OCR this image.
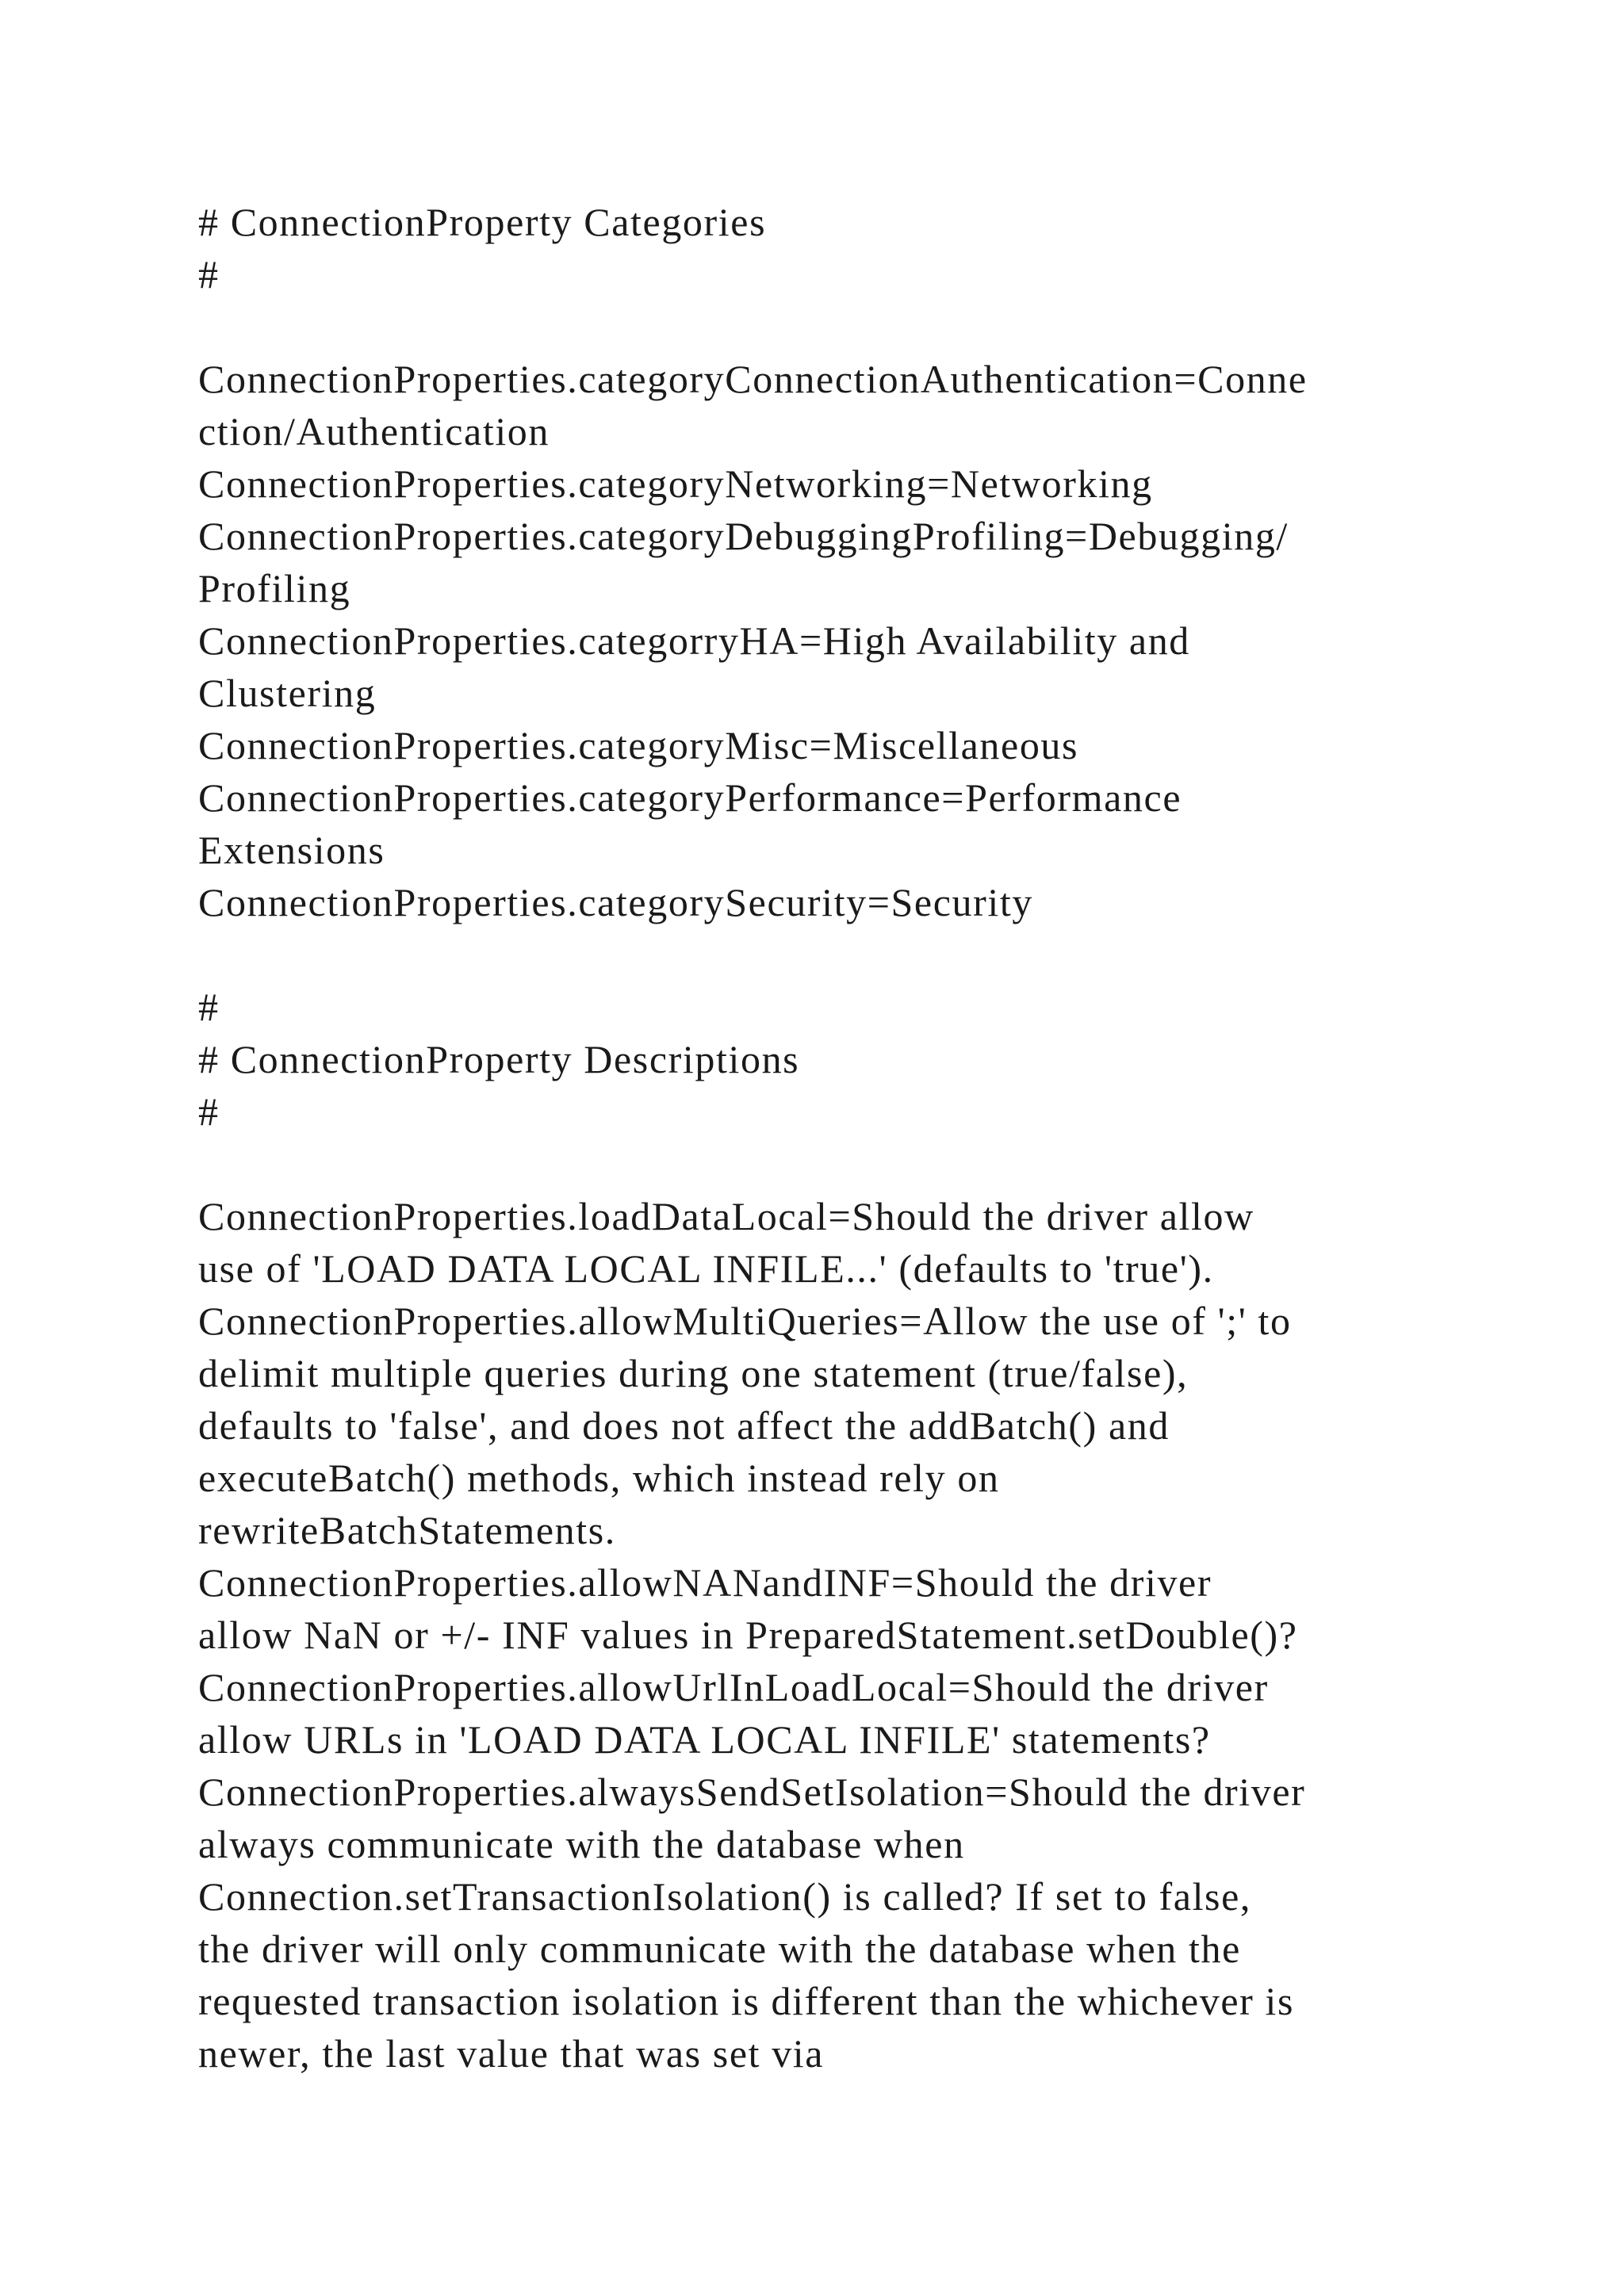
# ConnectionProperty Categories
#
ConnectionProperties.categoryConnectionAuthentication=Conne
ction/Authentication
ConnectionProperties.categoryNetworking=Networking
ConnectionProperties.categoryDebuggingProfiling=Debugging/
Profiling
ConnectionProperties.categorryHA=High Availability and
Clustering
ConnectionProperties.categoryMisc=Miscellaneous
ConnectionProperties.categoryPerformance=Performance
Extensions
ConnectionProperties.categorySecurity=Security
#
# ConnectionProperty Descriptions
#
ConnectionProperties.loadDataLocal=Should the driver allow
use of 'LOAD DATA LOCAL INFILE...' (defaults to 'true').
ConnectionProperties.allowMultiQueries=Allow the use of ';' to
delimit multiple queries during one statement (true/false),
defaults to 'false', and does not affect the addBatch() and
executeBatch() methods, which instead rely on
rewriteBatchStatements.
ConnectionProperties.allowNANandINF=Should the driver
allow NaN or +/- INF values in PreparedStatement.setDouble()?
ConnectionProperties.allowUrlInLoadLocal=Should the driver
allow URLs in 'LOAD DATA LOCAL INFILE' statements?
ConnectionProperties.alwaysSendSetIsolation=Should the driver
always communicate with the database when
Connection.setTransactionIsolation() is called? If set to false,
the driver will only communicate with the database when the
requested transaction isolation is different than the whichever is
newer, the last value that was set via
